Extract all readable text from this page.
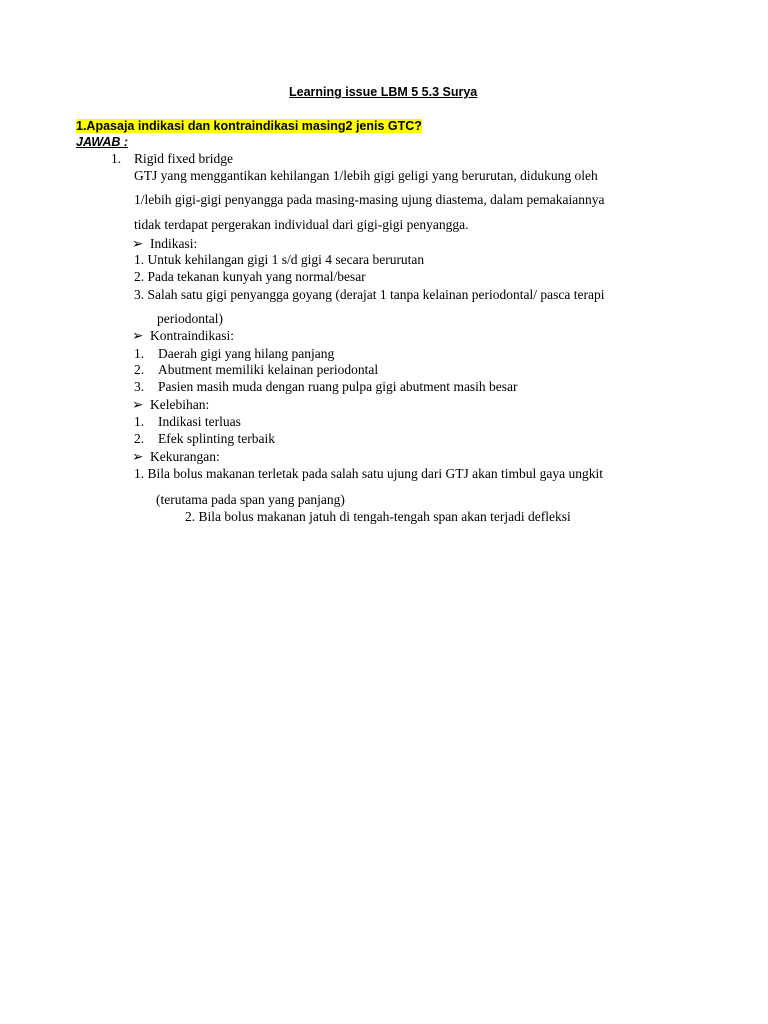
Learning issue LBM 5 5.3 Surya
1.Apasaja indikasi dan kontraindikasi masing2 jenis GTC?
JAWAB :
1. Rigid fixed bridge
GTJ yang menggantikan kehilangan 1/lebih gigi geligi yang berurutan, didukung oleh
1/lebih gigi-gigi penyangga pada masing-masing ujung diastema, dalam pemakaiannya
tidak terdapat pergerakan individual dari gigi-gigi penyangga.
➢ Indikasi:
1. Untuk kehilangan gigi 1 s/d gigi 4 secara berurutan
2. Pada tekanan kunyah yang normal/besar
3. Salah satu gigi penyangga goyang (derajat 1 tanpa kelainan periodontal/ pasca terapi
periodontal)
➢ Kontraindikasi:
1. Daerah gigi yang hilang panjang
2. Abutment memiliki kelainan periodontal
3. Pasien masih muda dengan ruang pulpa gigi abutment masih besar
➢ Kelebihan:
1. Indikasi terluas
2. Efek splinting terbaik
➢ Kekurangan:
1. Bila bolus makanan terletak pada salah satu ujung dari GTJ akan timbul gaya ungkit
(terutama pada span yang panjang)
2. Bila bolus makanan jatuh di tengah-tengah span akan terjadi defleksi
